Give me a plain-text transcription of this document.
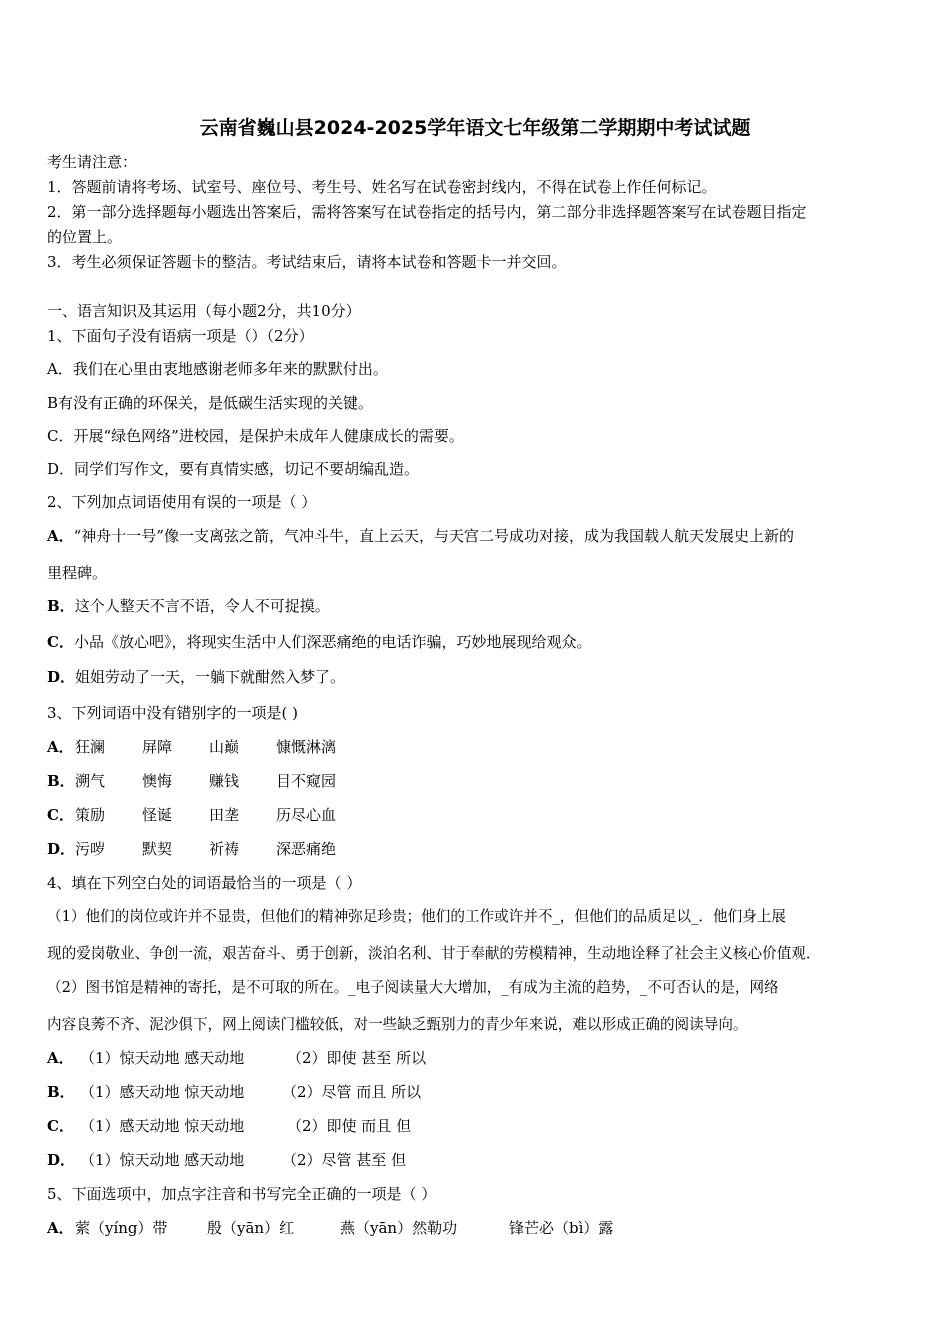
云南省巍山县2024-2025学年语文七年级第二学期期中考试试题
考生请注意：
1．答题前请将考场、试室号、座位号、考生号、姓名写在试卷密封线内，不得在试卷上作任何标记。
2．第一部分选择题每小题选出答案后，需将答案写在试卷指定的括号内，第二部分非选择题答案写在试卷题目指定
的位置上。
3．考生必须保证答题卡的整洁。考试结束后，请将本试卷和答题卡一并交回。
一、语言知识及其运用（每小题2分，共10分）
1、下面句子没有语病一项是（）（2分）
A．我们在心里由衷地感谢老师多年来的默默付出。
B有没有正确的环保关，是低碳生活实现的关键。
C．开展“绿色网络”进校园，是保护未成年人健康成长的需要。
D．同学们写作文，要有真情实感，切记不要胡编乱造。
2、下列加点词语使用有误的一项是（ ）
A．“神舟十一号”像一支离弦之箭，气冲斗牛，直上云天，与天宫二号成功对接，成为我国载人航天发展史上新的
里程碑。
B．这个人整天不言不语，令人不可捉摸。
C．小品《放心吧》，将现实生活中人们深恶痛绝的电话诈骗，巧妙地展现给观众。
D．姐姐劳动了一天，一躺下就酣然入梦了。
3、下列词语中没有错别字的一项是( )
A． 狂澜 屏障 山巅 慷慨淋漓
B． 溯气 懊悔 赚钱 目不窥园
C． 策励 怪诞 田垄 历尽心血
D． 污哕 默契 祈祷 深恶痛绝
4、填在下列空白处的词语最恰当的一项是（ ）
（1）他们的岗位或许并不显贵，但他们的精神弥足珍贵；他们的工作或许并不_，但他们的品质足以_．他们身上展
现的爱岗敬业、争创一流，艰苦奋斗、勇于创新，淡泊名利、甘于奉献的劳模精神，生动地诠释了社会主义核心价值观．
（2）图书馆是精神的寄托，是不可取的所在。_电子阅读量大大增加，_有成为主流的趋势，_不可否认的是，网络
内容良莠不齐、泥沙俱下，网上阅读门槛较低，对一些缺乏甄别力的青少年来说，难以形成正确的阅读导向。
A． （1）惊天动地 感天动地	（2）即使 甚至 所以
B． （1）感天动地 惊天动地	（2）尽管 而且 所以
C． （1）感天动地 惊天动地	（2）即使 而且 但
D． （1）惊天动地 感天动地	（2）尽管 甚至 但
5、下面选项中，加点字注音和书写完全正确的一项是（ ）
A． 萦（yíng）带	殷（yān）红	燕（yān）然勒功	锋芒必（bì）露
